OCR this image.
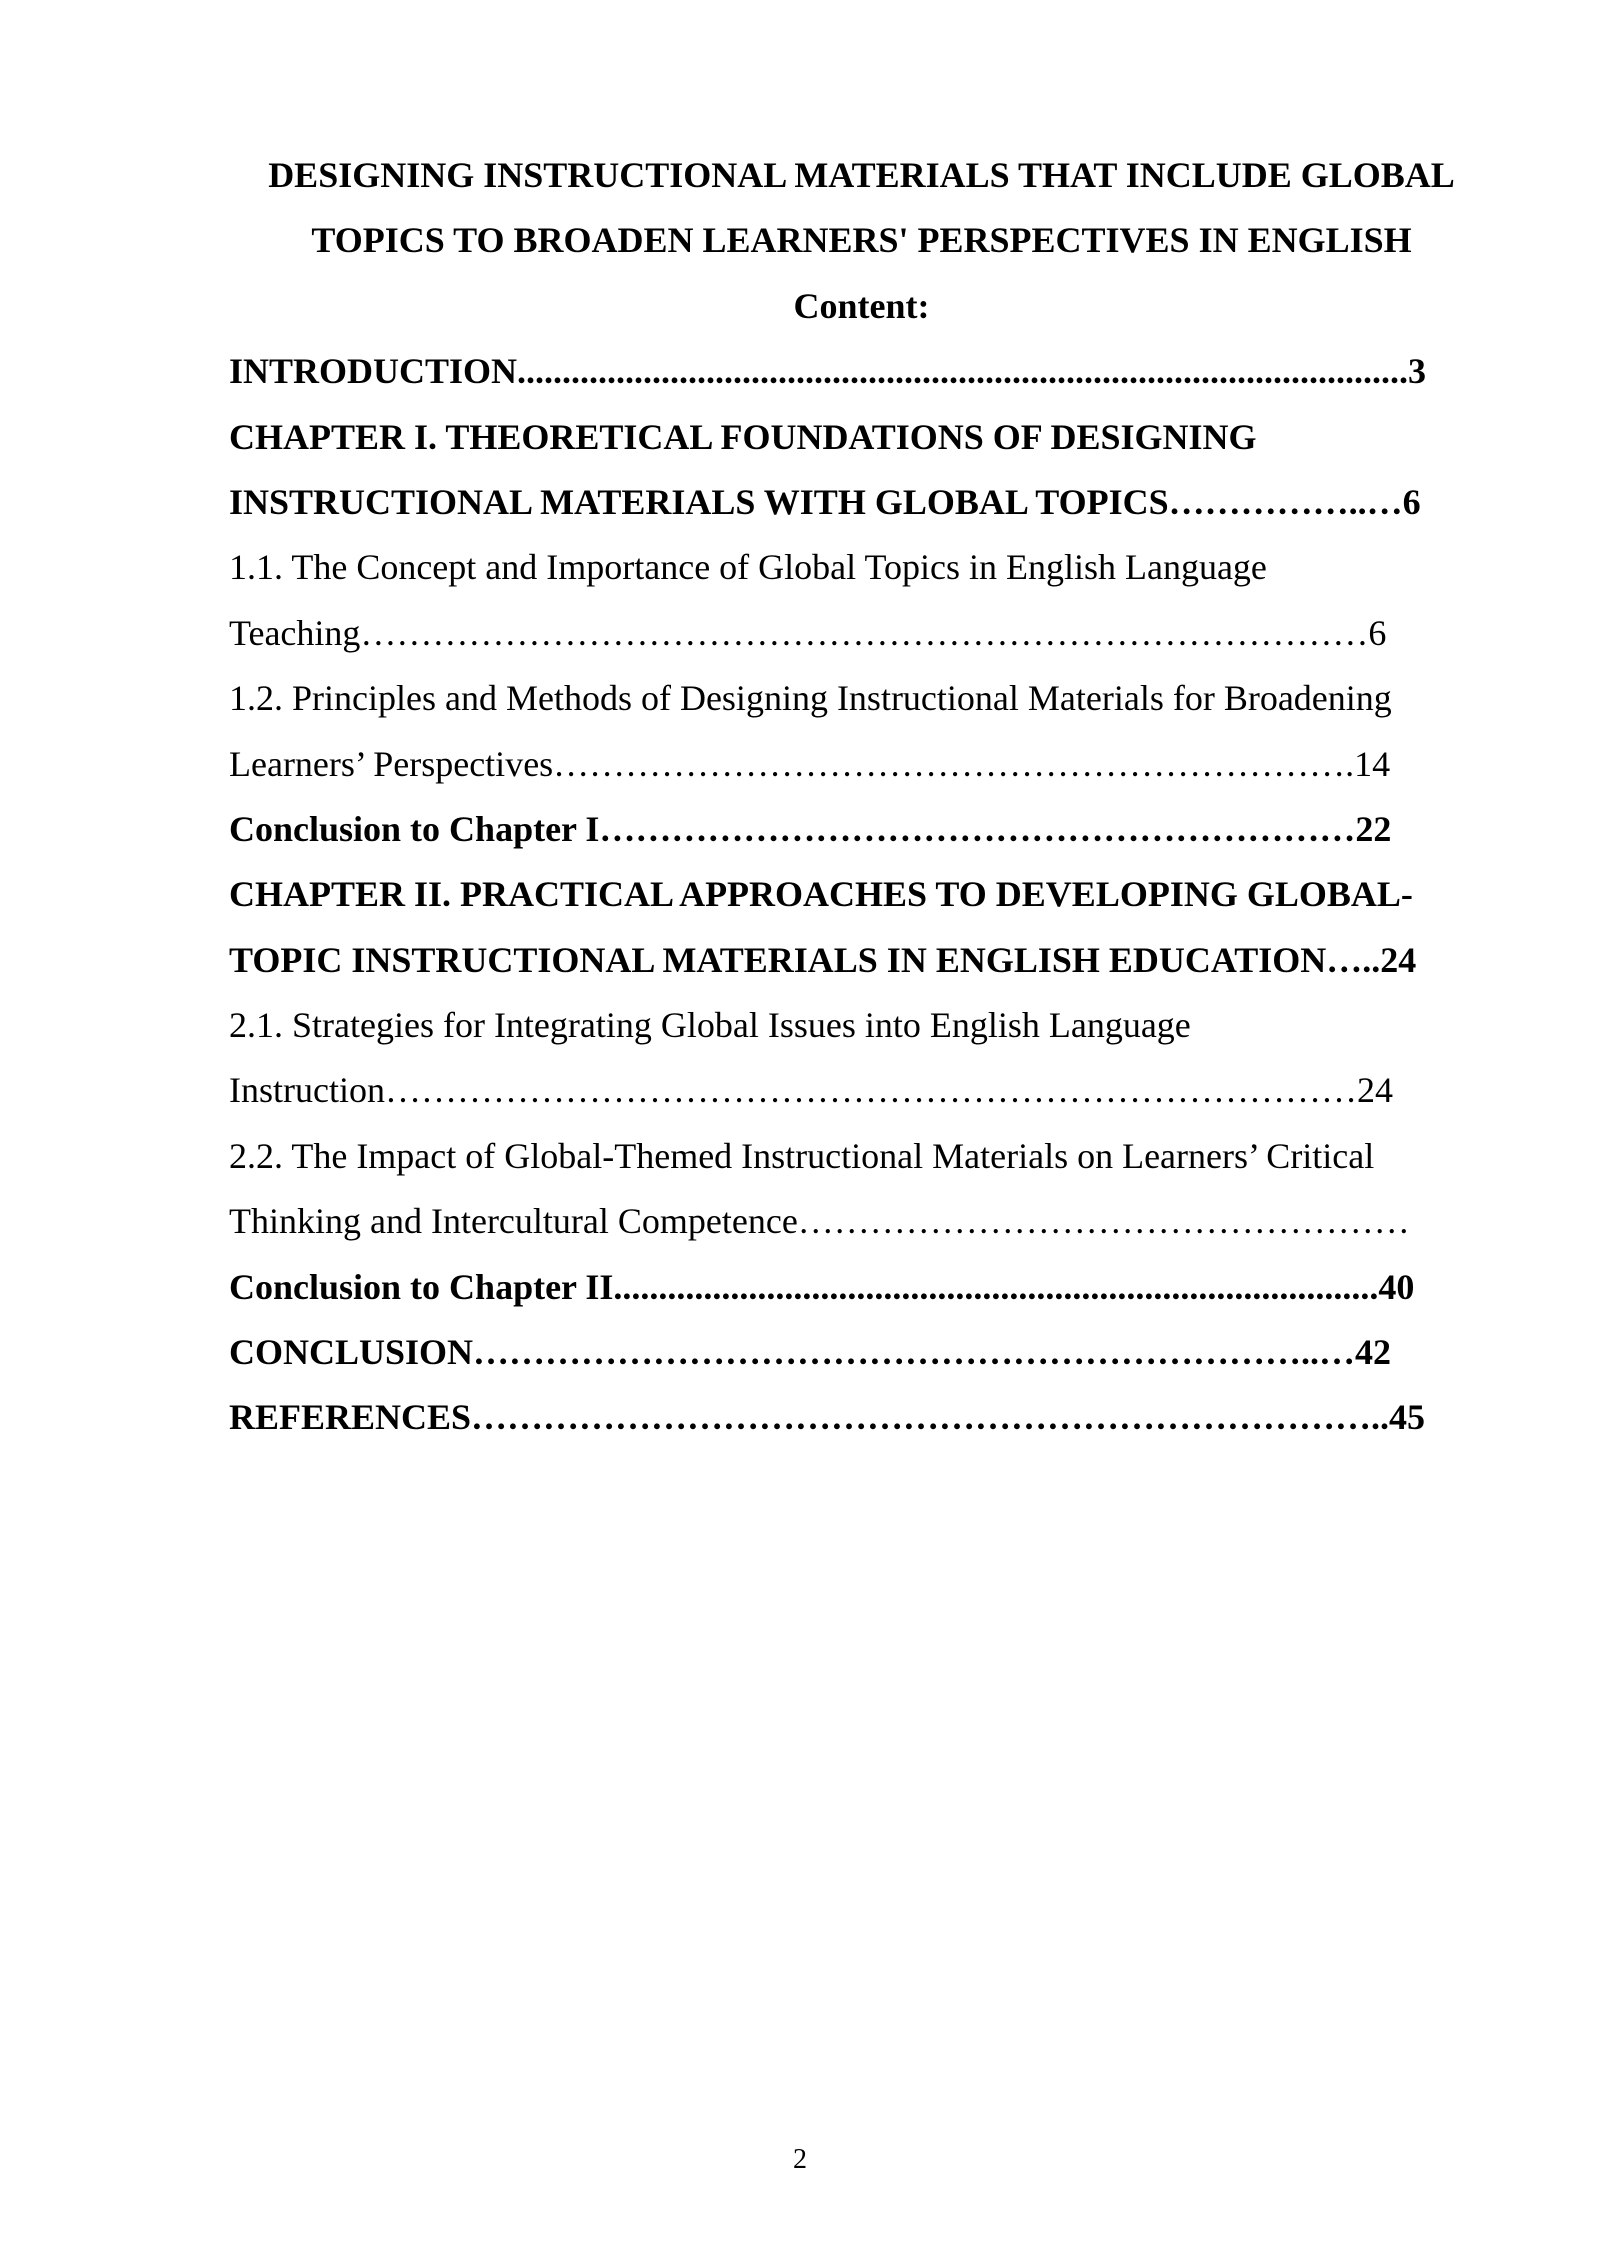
DESIGNING INSTRUCTIONAL MATERIALS THAT INCLUDE GLOBAL
TOPICS TO BROADEN LEARNERS' PERSPECTIVES IN ENGLISH
Content:
INTRODUCTION...................................................................................................3
CHAPTER I. THEORETICAL FOUNDATIONS OF DESIGNING
INSTRUCTIONAL MATERIALS WITH GLOBAL TOPICS……………..…6
1.1. The Concept and Importance of Global Topics in English Language
Teaching…………………………………………………………………………6
1.2. Principles and Methods of Designing Instructional Materials for Broadening
Learners’ Perspectives………………………………………………………….14
Conclusion to Chapter I………………………………………………………22
CHAPTER II. PRACTICAL APPROACHES TO DEVELOPING GLOBAL-
TOPIC INSTRUCTIONAL MATERIALS IN ENGLISH EDUCATION…..24
2.1. Strategies for Integrating Global Issues into English Language
Instruction………………………………………………………………………24
2.2. The Impact of Global-Themed Instructional Materials on Learners’ Critical
Thinking and Intercultural Competence……………………………………………
Conclusion to Chapter II.....................................................................................40
CONCLUSION……………………………………………………………..…42
REFERENCES…………………………………………………………………..45
2
